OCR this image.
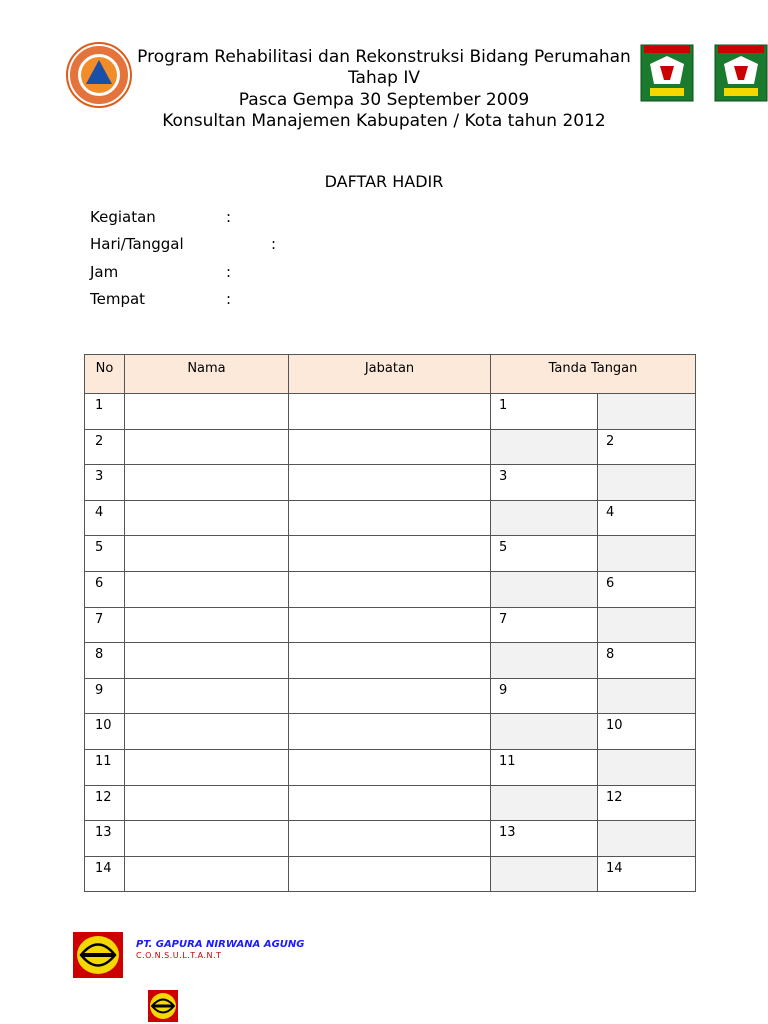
Program Rehabilitasi dan Rekonstruksi Bidang Perumahan
Tahap IV
Pasca Gempa 30 September 2009
Konsultan Manajemen Kabupaten / Kota tahun 2012
DAFTAR HADIR
Kegiatan	:
Hari/Tanggal	:
Jam	:
Tempat	:
No	Nama	Jabatan	Tanda Tangan	

1			1	

2				2

3			3	

4				4

5			5	

6				6

7			7	

8				8

9			9	

10				10

11			11	

12				12

13			13	

14				14
PT. GAPURA NIRWANA AGUNG
C.O.N.S.U.L.T.A.N.T
